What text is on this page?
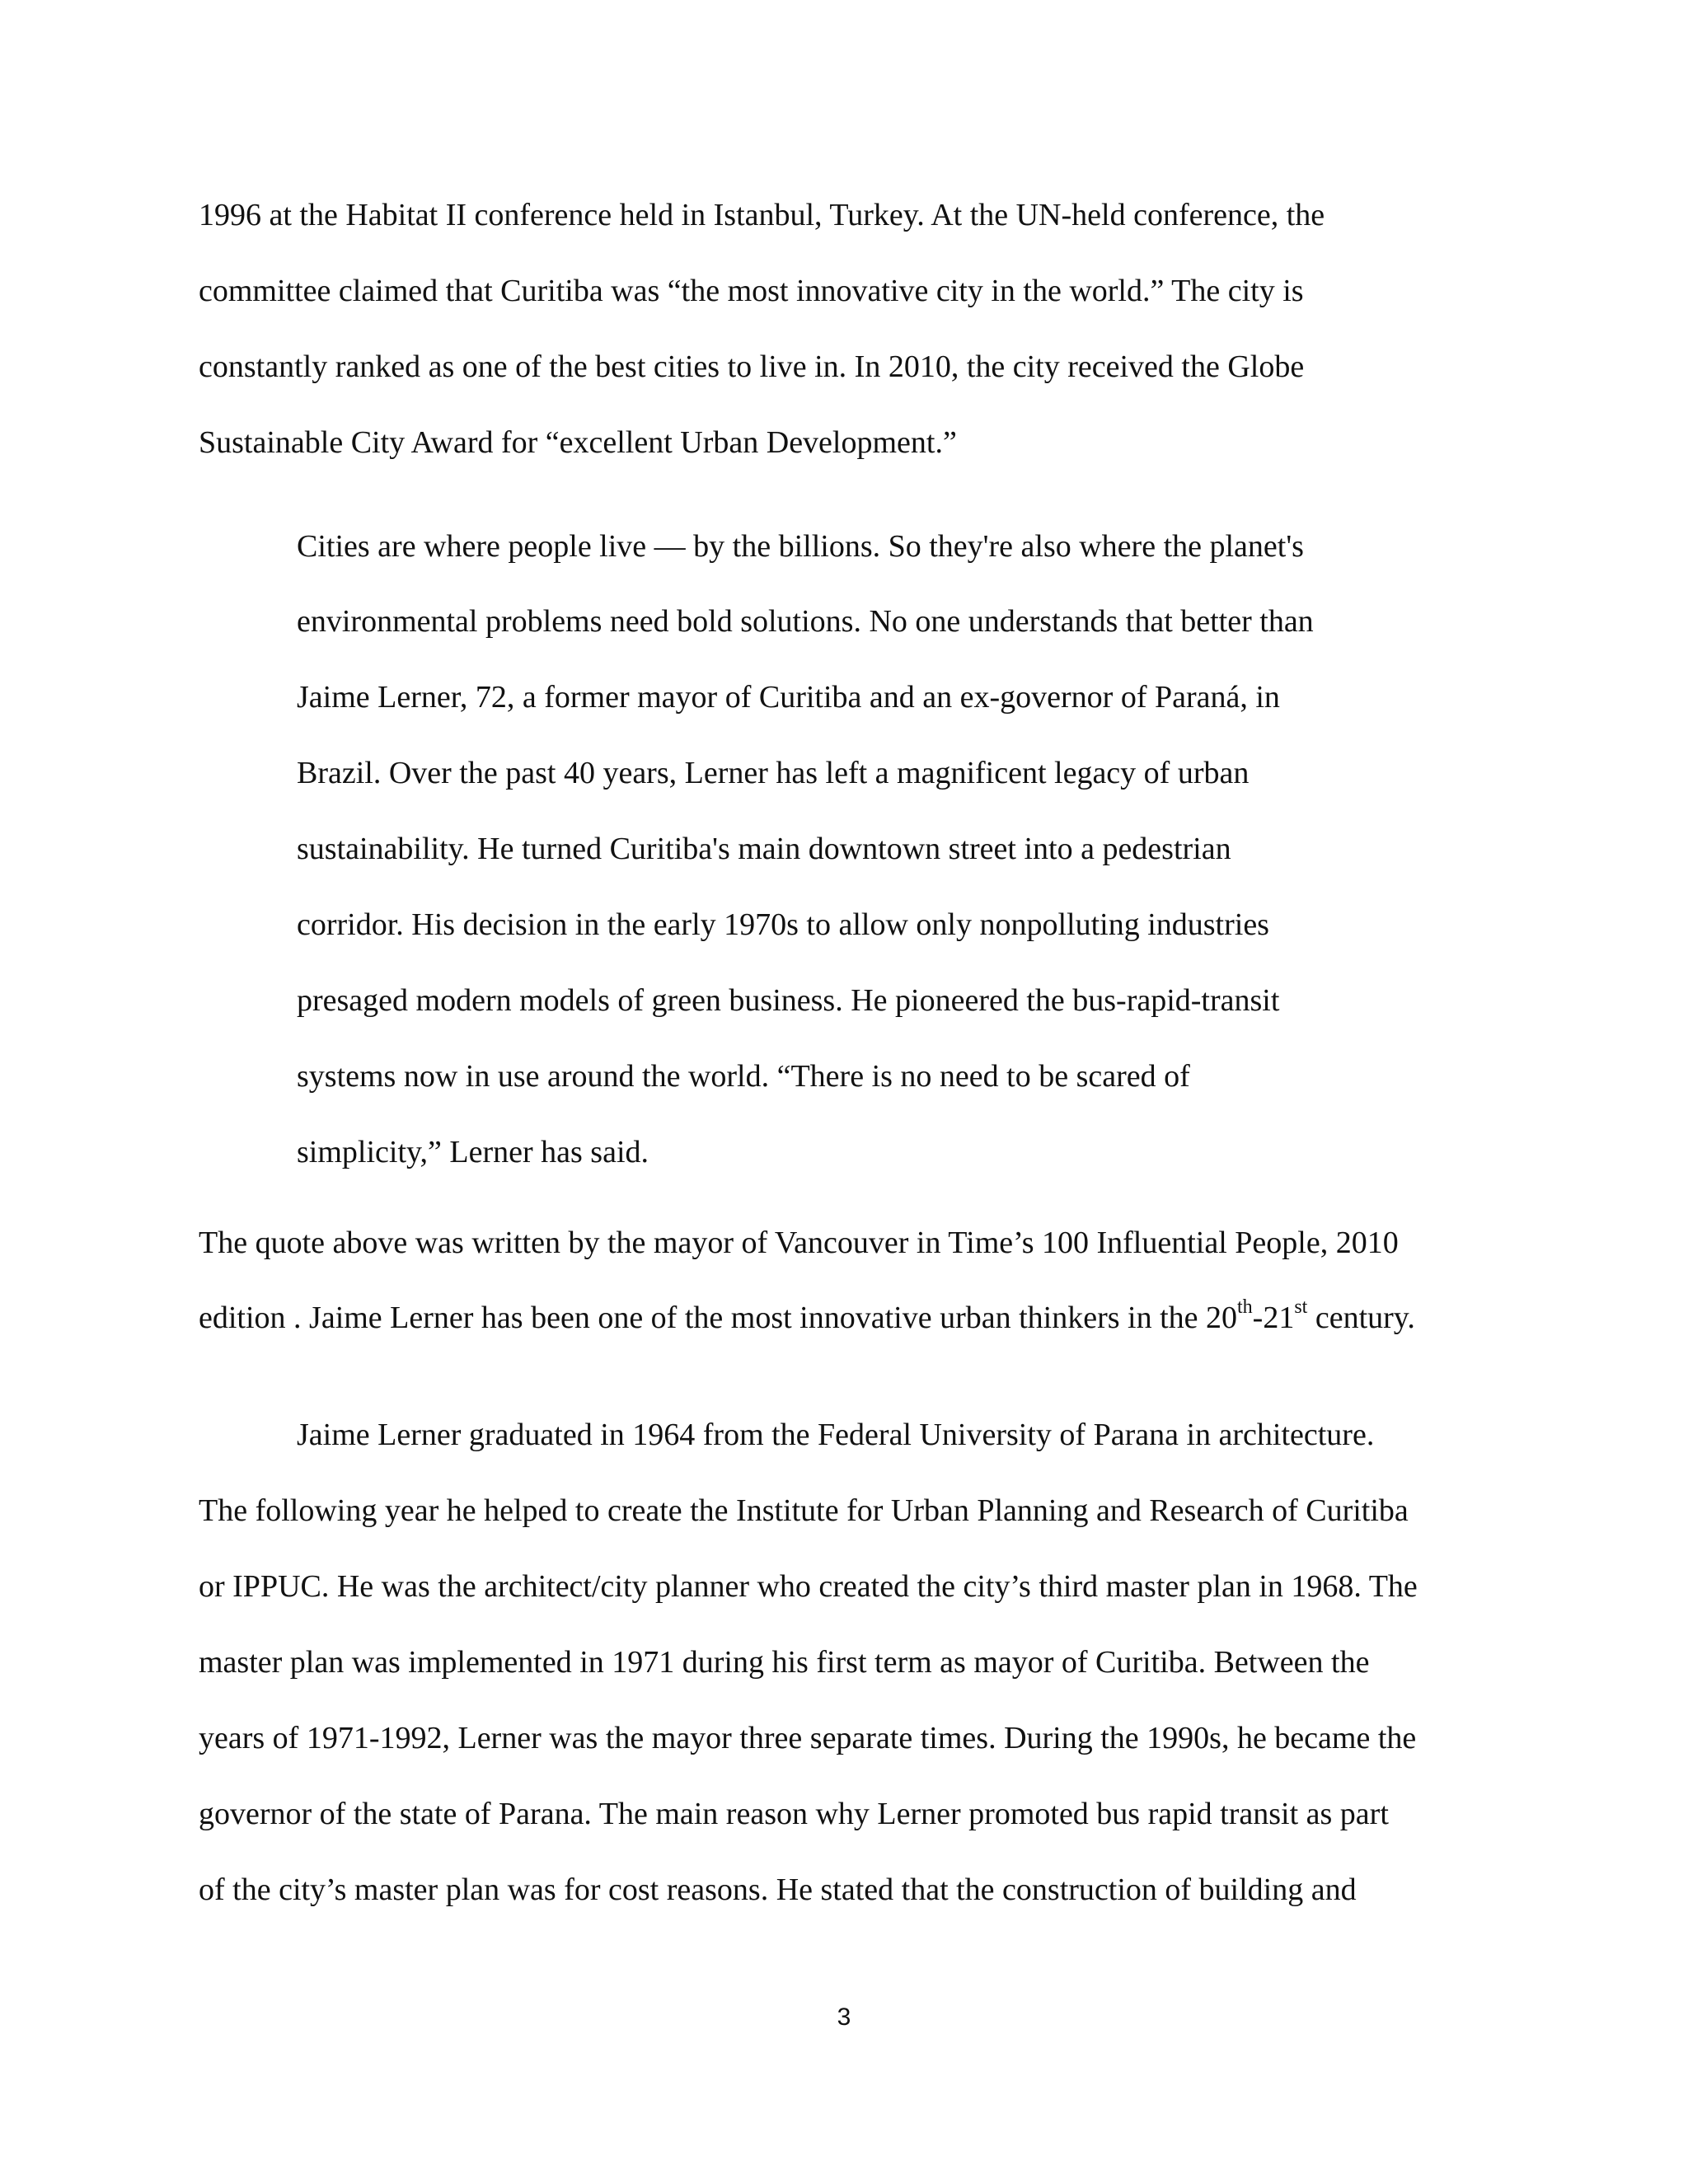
1996 at the Habitat II conference held in Istanbul, Turkey. At the UN-held conference, the
committee claimed that Curitiba was “the most innovative city in the world.” The city is
constantly ranked as one of the best cities to live in. In 2010, the city received the Globe
Sustainable City Award for “excellent Urban Development.”
Cities are where people live — by the billions. So they're also where the planet's
environmental problems need bold solutions. No one understands that better than
Jaime Lerner, 72, a former mayor of Curitiba and an ex-governor of Paraná, in
Brazil. Over the past 40 years, Lerner has left a magnificent legacy of urban
sustainability. He turned Curitiba's main downtown street into a pedestrian
corridor. His decision in the early 1970s to allow only nonpolluting industries
presaged modern models of green business. He pioneered the bus-rapid-transit
systems now in use around the world. “There is no need to be scared of
simplicity,” Lerner has said.
The quote above was written by the mayor of Vancouver in Time’s 100 Influential People, 2010
edition . Jaime Lerner has been one of the most innovative urban thinkers in the 20th-21st century.
Jaime Lerner graduated in 1964 from the Federal University of Parana in architecture.
The following year he helped to create the Institute for Urban Planning and Research of Curitiba
or IPPUC. He was the architect/city planner who created the city’s third master plan in 1968. The
master plan was implemented in 1971 during his first term as mayor of Curitiba. Between the
years of 1971-1992, Lerner was the mayor three separate times. During the 1990s, he became the
governor of the state of Parana. The main reason why Lerner promoted bus rapid transit as part
of the city’s master plan was for cost reasons. He stated that the construction of building and
3
